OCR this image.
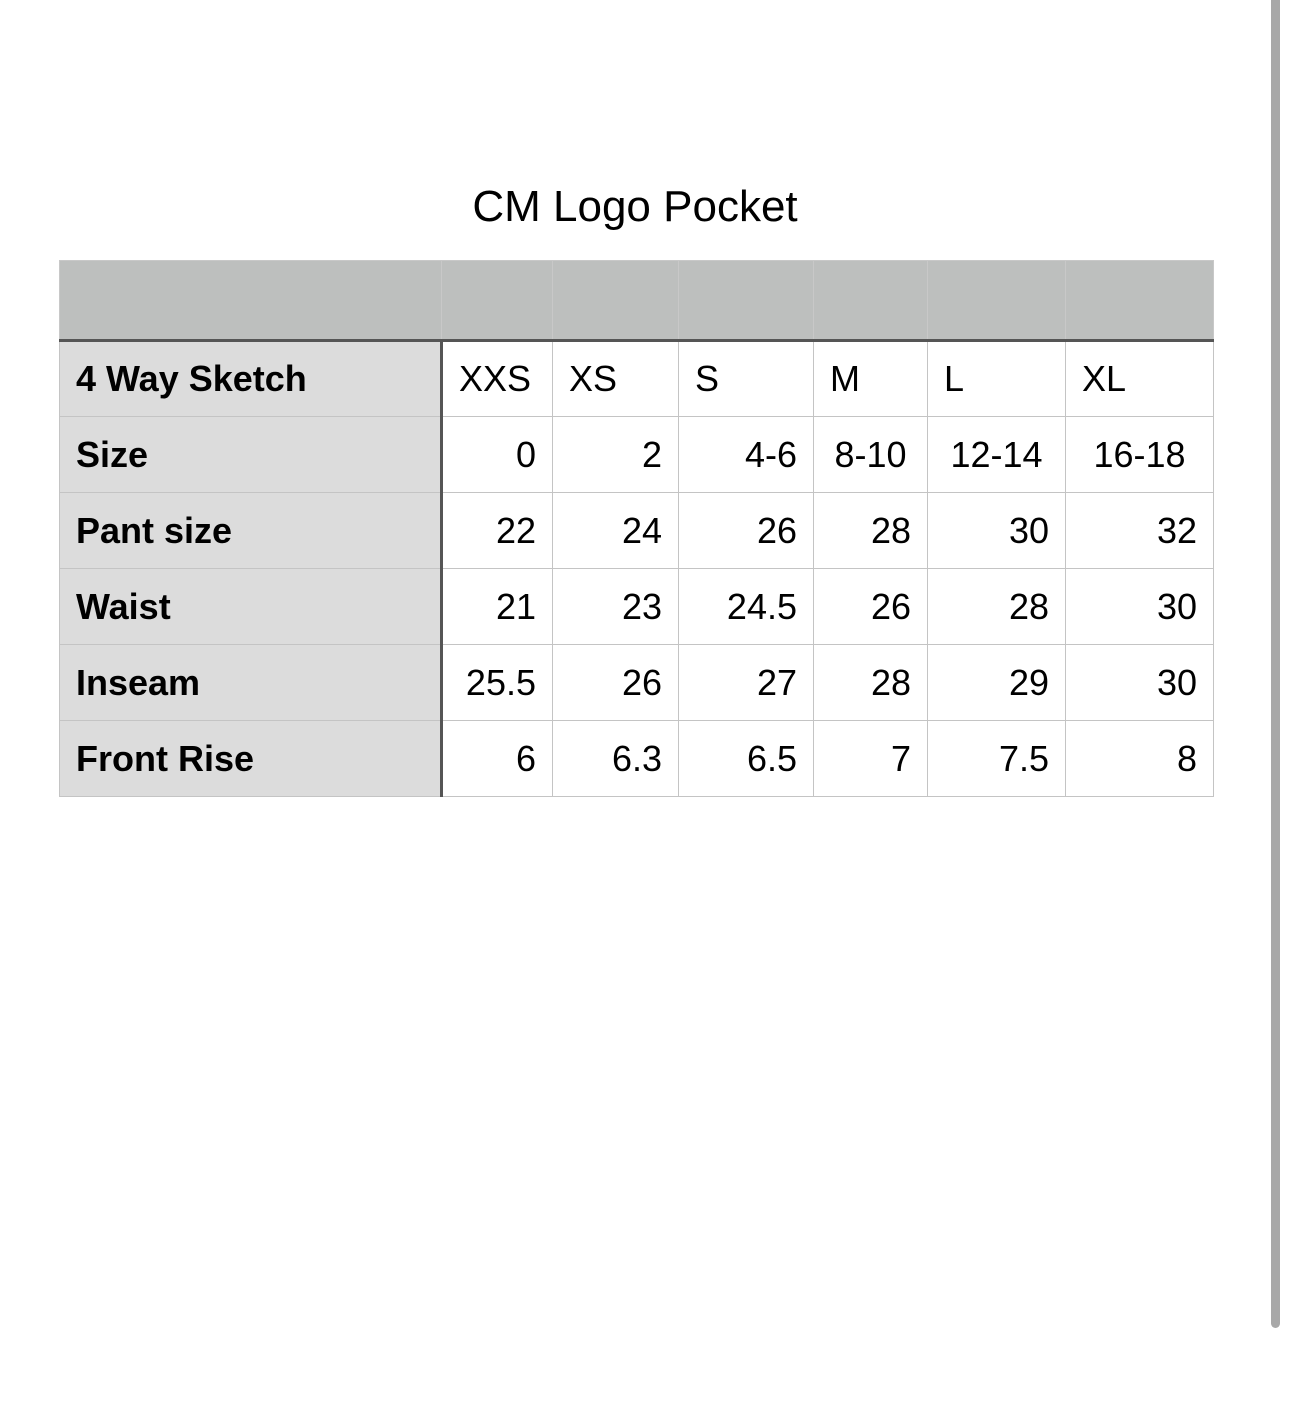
CM Logo Pocket

4 Way Sketch	XXS	XS	S	M	L	XL
Size	0	2	4-6	8-10	12-14	16-18
Pant size	22	24	26	28	30	32
Waist	21	23	24.5	26	28	30
Inseam	25.5	26	27	28	29	30
Front Rise	6	6.3	6.5	7	7.5	8
